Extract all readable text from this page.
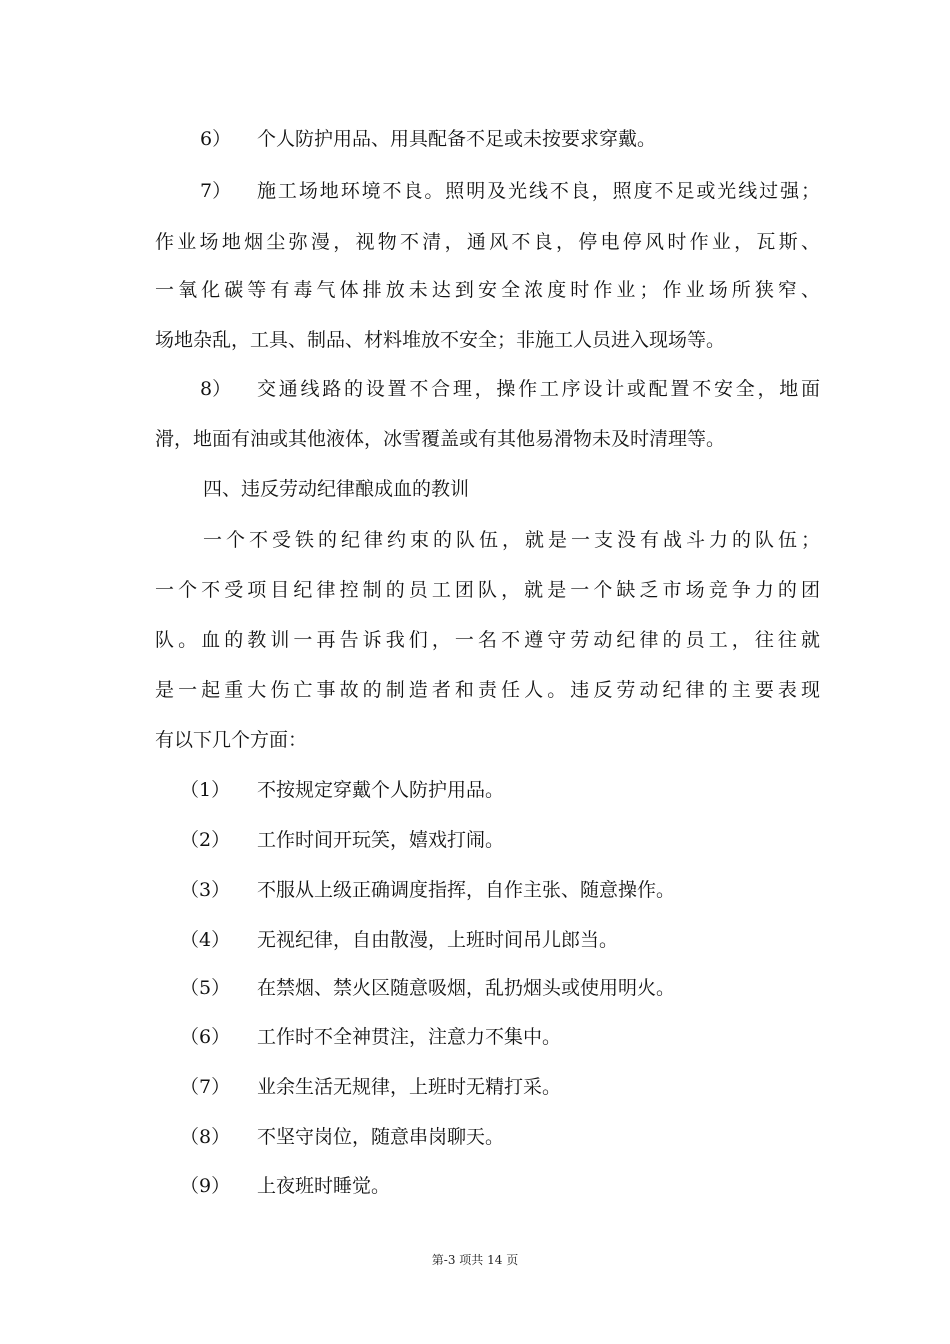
6） 个人防护用品、用具配备不足或未按要求穿戴。
7） 施工场地环境不良。照明及光线不良，照度不足或光线过强；
作业场地烟尘弥漫，视物不清，通风不良，停电停风时作业，瓦斯、
一氧化碳等有毒气体排放未达到安全浓度时作业；作业场所狭窄、
场地杂乱，工具、制品、材料堆放不安全；非施工人员进入现场等。
8） 交通线路的设置不合理，操作工序设计或配置不安全，地面
滑，地面有油或其他液体，冰雪覆盖或有其他易滑物未及时清理等。
四、违反劳动纪律酿成血的教训
一个不受铁的纪律约束的队伍，就是一支没有战斗力的队伍；
一个不受项目纪律控制的员工团队，就是一个缺乏市场竞争力的团
队。血的教训一再告诉我们，一名不遵守劳动纪律的员工，往往就
是一起重大伤亡事故的制造者和责任人。违反劳动纪律的主要表现
有以下几个方面：
（1） 不按规定穿戴个人防护用品。
（2） 工作时间开玩笑，嬉戏打闹。
（3） 不服从上级正确调度指挥，自作主张、随意操作。
（4） 无视纪律，自由散漫，上班时间吊儿郎当。
（5） 在禁烟、禁火区随意吸烟，乱扔烟头或使用明火。
（6） 工作时不全神贯注，注意力不集中。
（7） 业余生活无规律，上班时无精打采。
（8） 不坚守岗位，随意串岗聊天。
（9） 上夜班时睡觉。
第-3 项共 14 页
